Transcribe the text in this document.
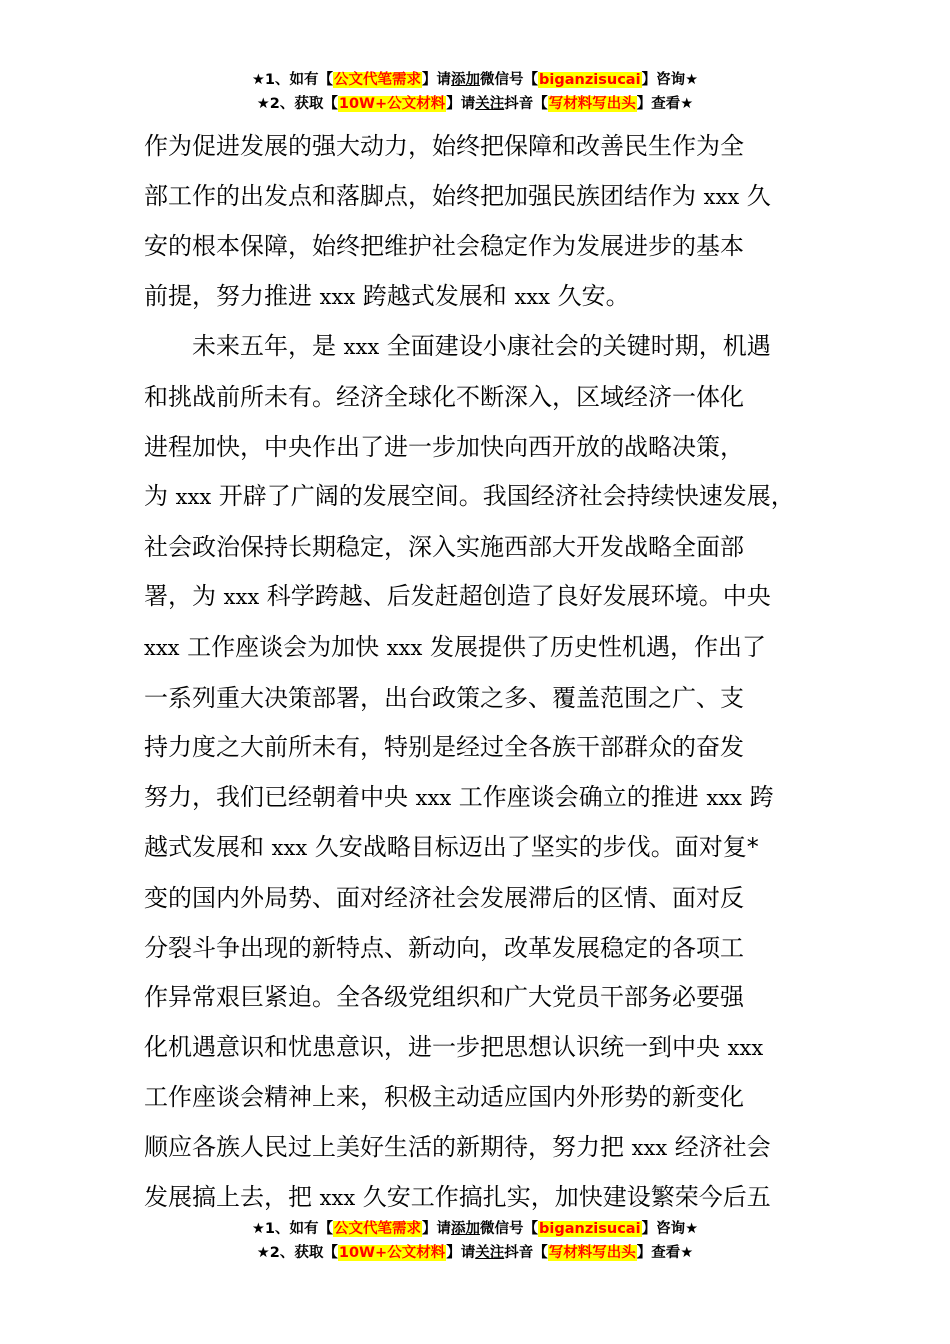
★1、如有【公文代笔需求】请添加微信号【biganzisucai】咨询★
★2、获取【10W+公文材料】请关注抖音【写材料写出头】查看★

作为促进发展的强大动力，始终把保障和改善民生作为全

部工作的出发点和落脚点，始终把加强民族团结作为 xxx 久

安的根本保障，始终把维护社会稳定作为发展进步的基本

前提，努力推进 xxx 跨越式发展和 xxx 久安。

未来五年，是 xxx 全面建设小康社会的关键时期，机遇

和挑战前所未有。经济全球化不断深入，区域经济一体化

进程加快，中央作出了进一步加快向西开放的战略决策，

为 xxx 开辟了广阔的发展空间。我国经济社会持续快速发展，

社会政治保持长期稳定，深入实施西部大开发战略全面部

署，为 xxx 科学跨越、后发赶超创造了良好发展环境。中央

xxx 工作座谈会为加快 xxx 发展提供了历史性机遇，作出了

一系列重大决策部署，出台政策之多、覆盖范围之广、支

持力度之大前所未有，特别是经过全各族干部群众的奋发

努力，我们已经朝着中央 xxx 工作座谈会确立的推进 xxx 跨

越式发展和 xxx 久安战略目标迈出了坚实的步伐。面对复*

变的国内外局势、面对经济社会发展滞后的区情、面对反

分裂斗争出现的新特点、新动向，改革发展稳定的各项工

作异常艰巨紧迫。全各级党组织和广大党员干部务必要强

化机遇意识和忧患意识，进一步把思想认识统一到中央 xxx

工作座谈会精神上来，积极主动适应国内外形势的新变化

顺应各族人民过上美好生活的新期待，努力把 xxx 经济社会

发展搞上去，把 xxx 久安工作搞扎实，加快建设繁荣今后五

★1、如有【公文代笔需求】请添加微信号【biganzisucai】咨询★
★2、获取【10W+公文材料】请关注抖音【写材料写出头】查看★
